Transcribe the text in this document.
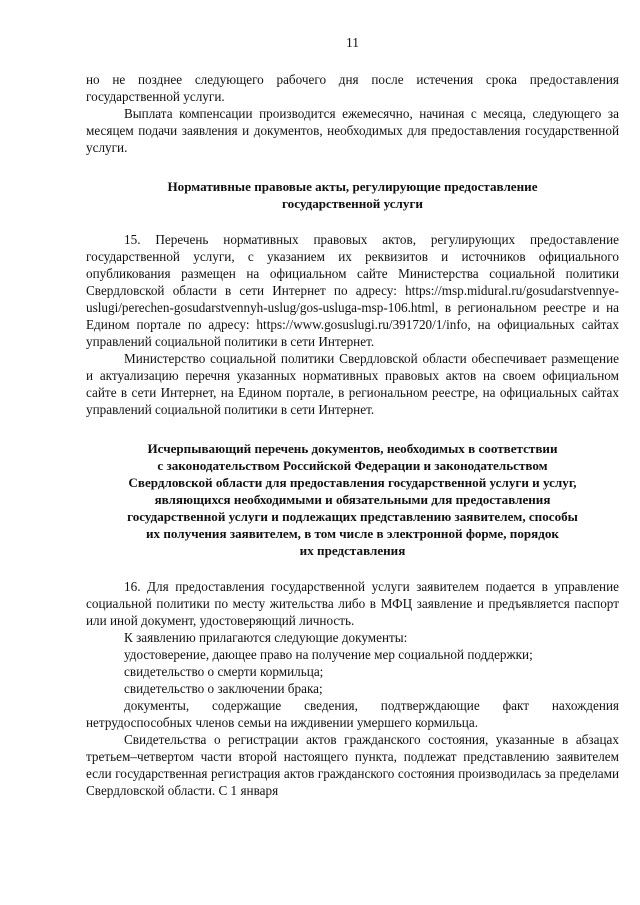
11

но не позднее следующего рабочего дня после истечения срока предоставления государственной услуги.

Выплата компенсации производится ежемесячно, начиная с месяца, следующего за месяцем подачи заявления и документов, необходимых для предоставления государственной услуги.

Нормативные правовые акты, регулирующие предоставление
государственной услуги

15. Перечень нормативных правовых актов, регулирующих предоставление государственной услуги, с указанием их реквизитов и источников официального опубликования размещен на официальном сайте Министерства социальной политики Свердловской области в сети Интернет по адресу: https://msp.midural.ru/gosudarstvennye-uslugi/perechen-gosudarstvennyh-uslug/gos-usluga-msp-106.html, в региональном реестре и на Едином портале по адресу: https://www.gosuslugi.ru/391720/1/info, на официальных сайтах управлений социальной политики в сети Интернет.

Министерство социальной политики Свердловской области обеспечивает размещение и актуализацию перечня указанных нормативных правовых актов на своем официальном сайте в сети Интернет, на Едином портале, в региональном реестре, на официальных сайтах управлений социальной политики в сети Интернет.

Исчерпывающий перечень документов, необходимых в соответствии
с законодательством Российской Федерации и законодательством
Свердловской области для предоставления государственной услуги и услуг,
являющихся необходимыми и обязательными для предоставления
государственной услуги и подлежащих представлению заявителем, способы
их получения заявителем, в том числе в электронной форме, порядок
их представления

16. Для предоставления государственной услуги заявителем подается в управление социальной политики по месту жительства либо в МФЦ заявление и предъявляется паспорт или иной документ, удостоверяющий личность.

К заявлению прилагаются следующие документы:

удостоверение, дающее право на получение мер социальной поддержки;

свидетельство о смерти кормильца;

свидетельство о заключении брака;

документы, содержащие сведения, подтверждающие факт нахождения нетрудоспособных членов семьи на иждивении умершего кормильца.

Свидетельства о регистрации актов гражданского состояния, указанные в абзацах третьем–четвертом части второй настоящего пункта, подлежат представлению заявителем если государственная регистрация актов гражданского состояния производилась за пределами Свердловской области. С 1 января
